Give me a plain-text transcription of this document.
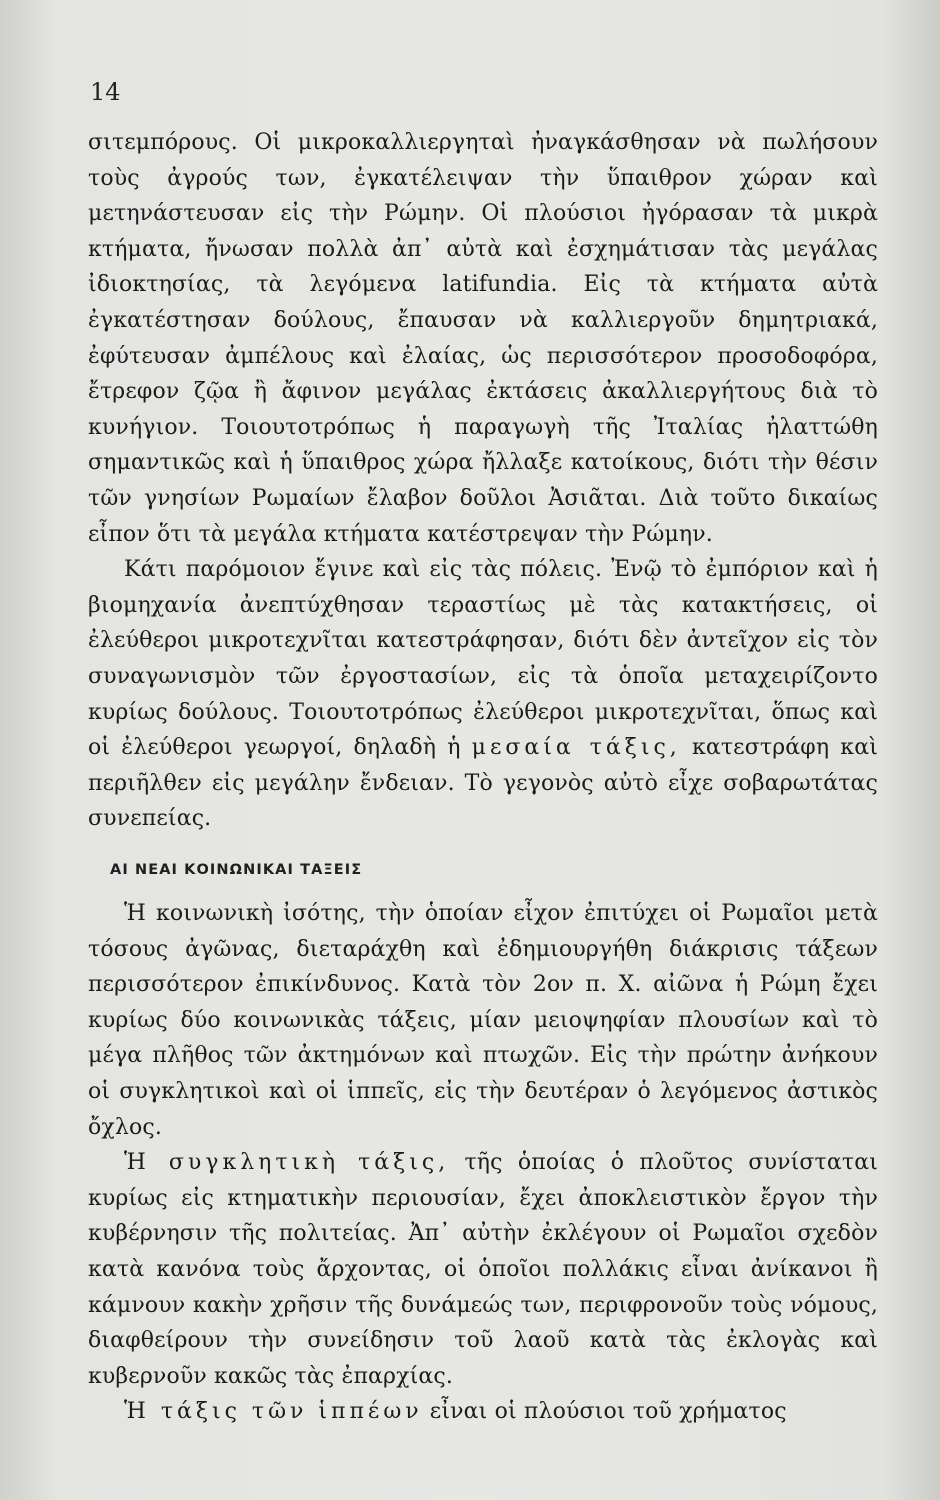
14

σιτεμπόρους. Οἱ μικροκαλλιεργηταὶ ἠναγκάσθησαν νὰ πωλήσουν τοὺς ἀγρούς των, ἐγκατέλειψαν τὴν ὕπαιθρον χώραν καὶ μετηνάστευσαν εἰς τὴν Ρώμην. Οἱ πλούσιοι ἠγόρασαν τὰ μικρὰ κτήματα, ἤνωσαν πολλὰ ἀπ᾽ αὐτὰ καὶ ἐσχημάτισαν τὰς μεγάλας ἰδιοκτησίας, τὰ λεγόμενα latifundia. Εἰς τὰ κτήματα αὐτὰ ἐγκατέστησαν δούλους, ἔπαυσαν νὰ καλλιεργοῦν δημητριακά, ἐφύτευσαν ἀμπέλους καὶ ἐλαίας, ὡς περισσότερον προσοδοφόρα, ἔτρεφον ζῷα ἢ ἄφινον μεγάλας ἐκτάσεις ἀκαλλιεργήτους διὰ τὸ κυνήγιον. Τοιουτοτρόπως ἡ παραγωγὴ τῆς Ἰταλίας ἠλαττώθη σημαντικῶς καὶ ἡ ὕπαιθρος χώρα ἤλλαξε κατοίκους, διότι τὴν θέσιν τῶν γνησίων Ρωμαίων ἔλαβον δοῦλοι Ἀσιᾶται. Διὰ τοῦτο δικαίως εἶπον ὅτι τὰ μεγάλα κτήματα κατέστρεψαν τὴν Ρώμην.

Κάτι παρόμοιον ἔγινε καὶ εἰς τὰς πόλεις. Ἐνῷ τὸ ἐμπόριον καὶ ἡ βιομηχανία ἀνεπτύχθησαν τεραστίως μὲ τὰς κατακτήσεις, οἱ ἐλεύθεροι μικροτεχνῖται κατεστράφησαν, διότι δὲν ἀντεῖχον εἰς τὸν συναγωνισμὸν τῶν ἐργοστασίων, εἰς τὰ ὁποῖα μεταχειρίζοντο κυρίως δούλους. Τοιουτοτρόπως ἐλεύθεροι μικροτεχνῖται, ὅπως καὶ οἱ ἐλεύθεροι γεωργοί, δηλαδὴ ἡ μεσαία τάξις, κατεστράφη καὶ περιῆλθεν εἰς μεγάλην ἔνδειαν. Τὸ γεγονὸς αὐτὸ εἶχε σοβαρωτάτας συνεπείας.

ΑΙ ΝΕΑΙ ΚΟΙΝΩΝΙΚΑΙ ΤΑΞΕΙΣ

Ἡ κοινωνικὴ ἰσότης, τὴν ὁποίαν εἶχον ἐπιτύχει οἱ Ρωμαῖοι μετὰ τόσους ἀγῶνας, διεταράχθη καὶ ἐδημιουργήθη διάκρισις τάξεων περισσότερον ἐπικίνδυνος. Κατὰ τὸν 2ον π. Χ. αἰῶνα ἡ Ρώμη ἔχει κυρίως δύο κοινωνικὰς τάξεις, μίαν μειοψηφίαν πλουσίων καὶ τὸ μέγα πλῆθος τῶν ἀκτημόνων καὶ πτωχῶν. Εἰς τὴν πρώτην ἀνήκουν οἱ συγκλητικοὶ καὶ οἱ ἱππεῖς, εἰς τὴν δευτέραν ὁ λεγόμενος ἀστικὸς ὄχλος.

Ἡ συγκλητικὴ τάξις, τῆς ὁποίας ὁ πλοῦτος συνίσταται κυρίως εἰς κτηματικὴν περιουσίαν, ἔχει ἀποκλειστικὸν ἔργον τὴν κυβέρνησιν τῆς πολιτείας. Ἀπ᾽ αὐτὴν ἐκλέγουν οἱ Ρωμαῖοι σχεδὸν κατὰ κανόνα τοὺς ἄρχοντας, οἱ ὁποῖοι πολλάκις εἶναι ἀνίκανοι ἢ κάμνουν κακὴν χρῆσιν τῆς δυνάμεώς των, περιφρονοῦν τοὺς νόμους, διαφθείρουν τὴν συνείδησιν τοῦ λαοῦ κατὰ τὰς ἐκλογὰς καὶ κυβερνοῦν κακῶς τὰς ἐπαρχίας.

Ἡ τάξις τῶν ἱππέων εἶναι οἱ πλούσιοι τοῦ χρήματος
